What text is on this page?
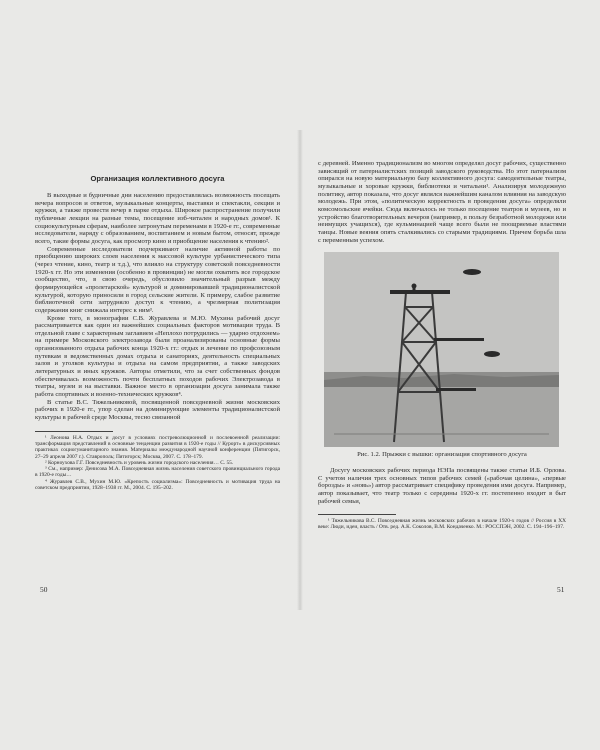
Организация коллективного досуга

В выходные и будничные дни населению предоставлялась возможность посещать вечера вопросов и ответов, музыкальные концерты, выставки и спектакли, секции и кружки, а также провести вечер в парке отдыха. Широкое распространение получили публичные лекции на разные темы, посещение изб-читален и народных домов¹. К социокультурным сферам, наиболее затронутым переменами в 1920-е гг., современные исследователи, наряду с образованием, воспитанием и новым бытом, относят, прежде всего, такие формы досуга, как просмотр кино и приобщение населения к чтению².

Современные исследователи подчеркивают наличие активной работы по приобщению широких слоев населения к массовой культуре урбанистического типа (через чтение, кино, театр и т.д.), что влияло на структуру советской повседневности 1920-х гг. Но эти изменения (особенно в провинции) не могли охватить все городское сообщество, что, в свою очередь, обусловило значительный разрыв между формирующейся «пролетарской» культурой и доминировавшей традиционалистской культурой, которую приносили в город сельские жители. К примеру, слабое развитие библиотечной сети затрудняло доступ к чтению, а чрезмерная политизация содержания книг снижала интерес к ним³.

Кроме того, в монографии С.В. Журавлева и М.Ю. Мухина рабочий досуг рассматривается как один из важнейших социальных факторов мотивации труда. В отдельной главе с характерным заглавием «Неплохо потрудились — ударно отдохнем» на примере Московского электрозавода были проанализированы основные формы организованного отдыха рабочих конца 1920-х гг.: отдых и лечение по профсоюзным путевкам в ведомственных домах отдыха и санаториях, деятельность специальных залов и уголков культуры и отдыха на самом предприятии, а также заводских литературных и иных кружков. Авторы отметили, что за счет собственных фондов обеспечивалась возможность почти бесплатных походов рабочих Электрозавода в театры, музеи и на выставки. Важное место в организации досуга занимала также работа спортивных и военно-технических кружков⁴.

В статье В.С. Тяжельниковой, посвященной повседневной жизни московских рабочих в 1920-е гг., упор сделан на доминирующие элементы традиционалистской культуры в рабочей среде Москвы, тесно связанной

¹ Леонова Н.А. Отдых и досуг в условиях постреволюционной и послевоенной реализации: трансформация представлений в основные тенденции развития в 1920-е годы // Курорт» в дискурсивных практиках социогуманитарного знания. Материалы международной научной конференции (Пятигорск, 27–29 апреля 2007 г.). Ставрополь; Пятигорск; Москва, 2007. С. 178–179.

² Корноухова Г.Г. Повседневность и уровень жизни городского населения… С. 55.

³ См., например: Денисова М.А. Повседневная жизнь населения советского провинциального города в 1920-е годы…

⁴ Журавлев С.В., Мухин М.Ю. «Крепость социализма»: Повседневность и мотивация труда на советском предприятии, 1928–1938 гг. М., 2004. С. 195–202.

50

с деревней. Именно традиционализм во многом определял досуг рабочих, существенно зависящий от патерналистских позиций заводского руководства. Но этот патернализм опирался на новую материальную базу коллективного досуга: самодеятельные театры, музыкальные и хоровые кружки, библиотеки и читальни¹. Анализируя молодежную политику, автор показала, что досуг являлся важнейшим каналом влияния на заводскую молодежь. При этом, «политическую корректность в проведении досуга» определяли комсомольские ячейки. Сюда включалось не только посещение театров и музеев, но и устройство благотворительных вечеров (например, в пользу безработной молодежи или неимущих учащихся), где кульминацией чаще всего были не поощряемые властями танцы. Новые веяния опять сталкивались со старыми традициями. Причем борьба шла с переменным успехом.

Рис. 1.2. Прыжки с вышки: организация спортивного досуга

Досугу московских рабочих периода НЭПа посвящены также статьи И.Б. Орлова. С учетом наличия трех основных типов рабочих семей («рабочая целина», «первые борозды» и «новь») автор рассматривает специфику проведения ими досуга. Например, автор показывает, что театр только с середины 1920-х гг. постепенно входит в быт рабочей семьи,

¹ Тяжельникова В.С. Повседневная жизнь московских рабочих в начале 1920-х годов // Россия в XX веке: Люди, идеи, власть / Отв. ред. А.К. Соколов, В.М. Кондаченко. М.: РОССПЭН, 2002. С. 194–196–197.

51
